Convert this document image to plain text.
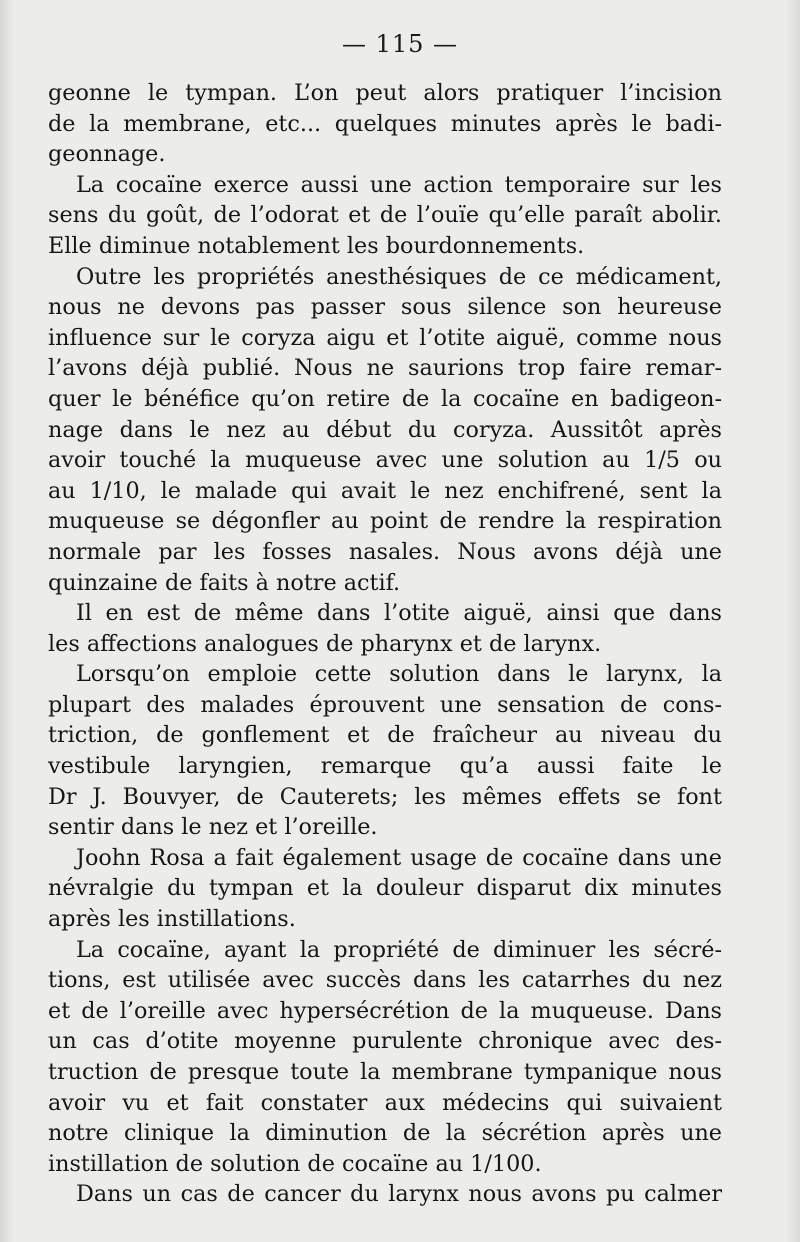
— 115 —
geonne le tympan. L’on peut alors pratiquer l’incision
de la membrane, etc... quelques minutes après le badi-
geonnage.
La cocaïne exerce aussi une action temporaire sur les
sens du goût, de l’odorat et de l’ouïe qu’elle paraît abolir.
Elle diminue notablement les bourdonnements.
Outre les propriétés anesthésiques de ce médicament,
nous ne devons pas passer sous silence son heureuse
influence sur le coryza aigu et l’otite aiguë, comme nous
l’avons déjà publié. Nous ne saurions trop faire remar-
quer le bénéfice qu’on retire de la cocaïne en badigeon-
nage dans le nez au début du coryza. Aussitôt après
avoir touché la muqueuse avec une solution au 1/5 ou
au 1/10, le malade qui avait le nez enchifrené, sent la
muqueuse se dégonfler au point de rendre la respiration
normale par les fosses nasales. Nous avons déjà une
quinzaine de faits à notre actif.
Il en est de même dans l’otite aiguë, ainsi que dans
les affections analogues de pharynx et de larynx.
Lorsqu’on emploie cette solution dans le larynx, la
plupart des malades éprouvent une sensation de cons-
triction, de gonflement et de fraîcheur au niveau du
vestibule laryngien, remarque qu’a aussi faite le
Dr J. Bouvyer, de Cauterets; les mêmes effets se font
sentir dans le nez et l’oreille.
Joohn Rosa a fait également usage de cocaïne dans une
névralgie du tympan et la douleur disparut dix minutes
après les instillations.
La cocaïne, ayant la propriété de diminuer les sécré-
tions, est utilisée avec succès dans les catarrhes du nez
et de l’oreille avec hypersécrétion de la muqueuse. Dans
un cas d’otite moyenne purulente chronique avec des-
truction de presque toute la membrane tympanique nous
avoir vu et fait constater aux médecins qui suivaient
notre clinique la diminution de la sécrétion après une
instillation de solution de cocaïne au 1/100.
Dans un cas de cancer du larynx nous avons pu calmer
